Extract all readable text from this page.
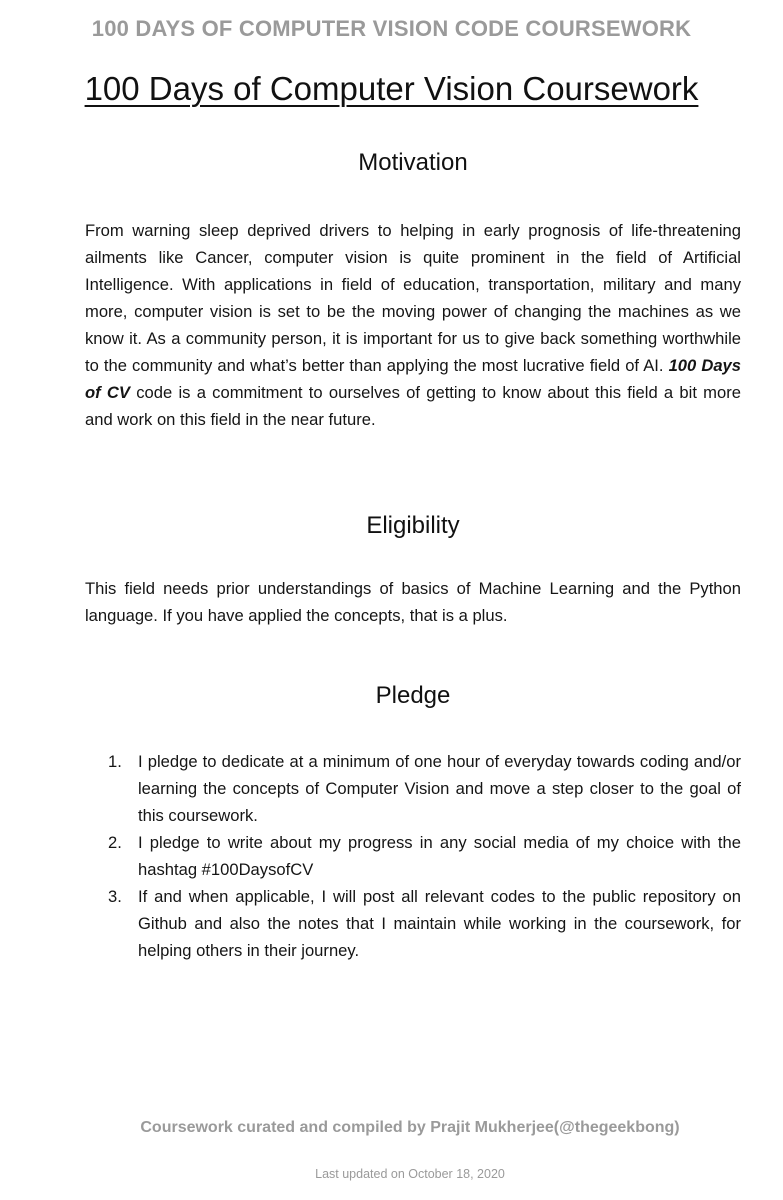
100 DAYS OF COMPUTER VISION CODE COURSEWORK
100 Days of Computer Vision Coursework
Motivation

From warning sleep deprived drivers to helping in early prognosis of life-threatening ailments like Cancer, computer vision is quite prominent in the field of Artificial Intelligence. With applications in field of education, transportation, military and many more, computer vision is set to be the moving power of changing the machines as we know it. As a community person, it is important for us to give back something worthwhile to the community and what’s better than applying the most lucrative field of AI. 100 Days of CV code is a commitment to ourselves of getting to know about this field a bit more and work on this field in the near future.

Eligibility

This field needs prior understandings of basics of Machine Learning and the Python language. If you have applied the concepts, that is a plus.

Pledge
1. I pledge to dedicate at a minimum of one hour of everyday towards coding and/or learning the concepts of Computer Vision and move a step closer to the goal of this coursework.
2. I pledge to write about my progress in any social media of my choice with the hashtag #100DaysofCV
3. If and when applicable, I will post all relevant codes to the public repository on Github and also the notes that I maintain while working in the coursework, for helping others in their journey.
Coursework curated and compiled by Prajit Mukherjee(@thegeekbong)
Last updated on October 18, 2020
